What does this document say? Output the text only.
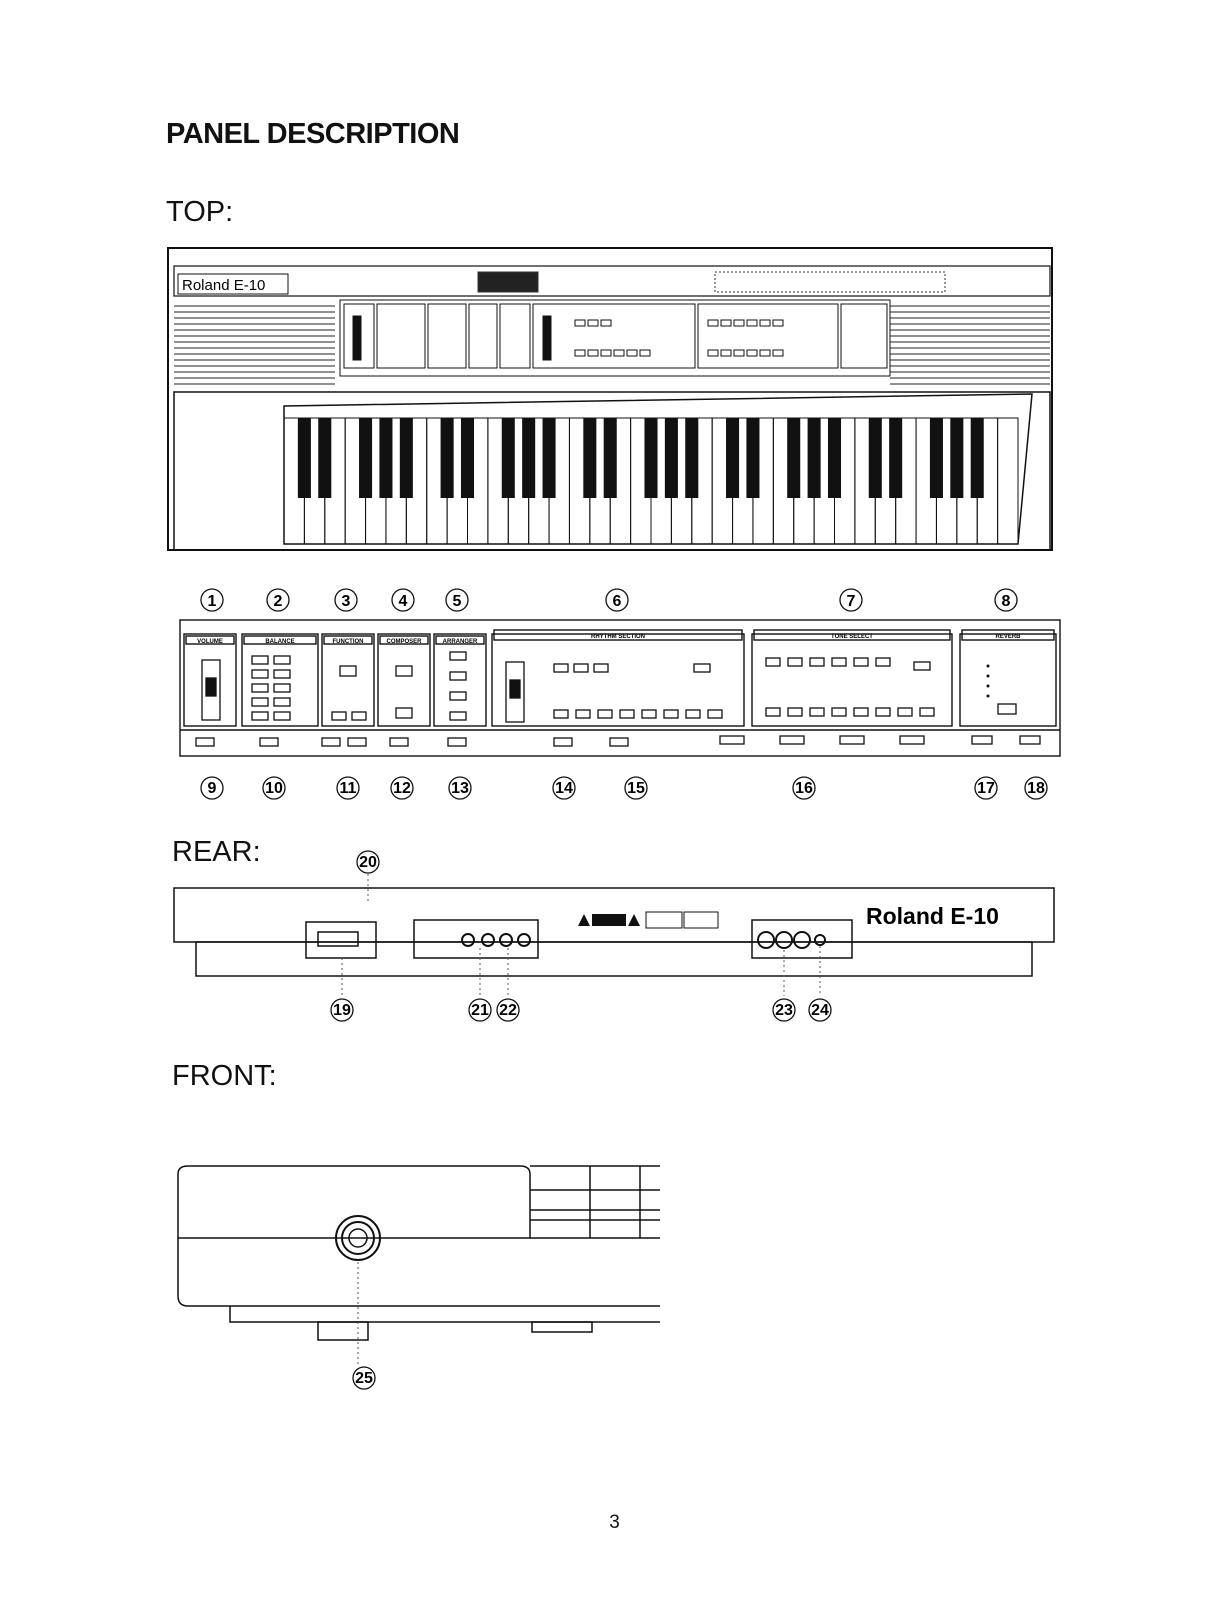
PANEL DESCRIPTION
TOP:
REAR:
FRONT:
Roland E-10
1	2	3	4	5	6	7	8
VOLUME	BALANCE	FUNCTION	COMPOSER	ARRANGER
RHYTHM SECTION	TONE SELECT	REVERB
9	10	11 12	13	14	15	16	17 18
20
Roland E-10
19	21 22	23 24
25
3
